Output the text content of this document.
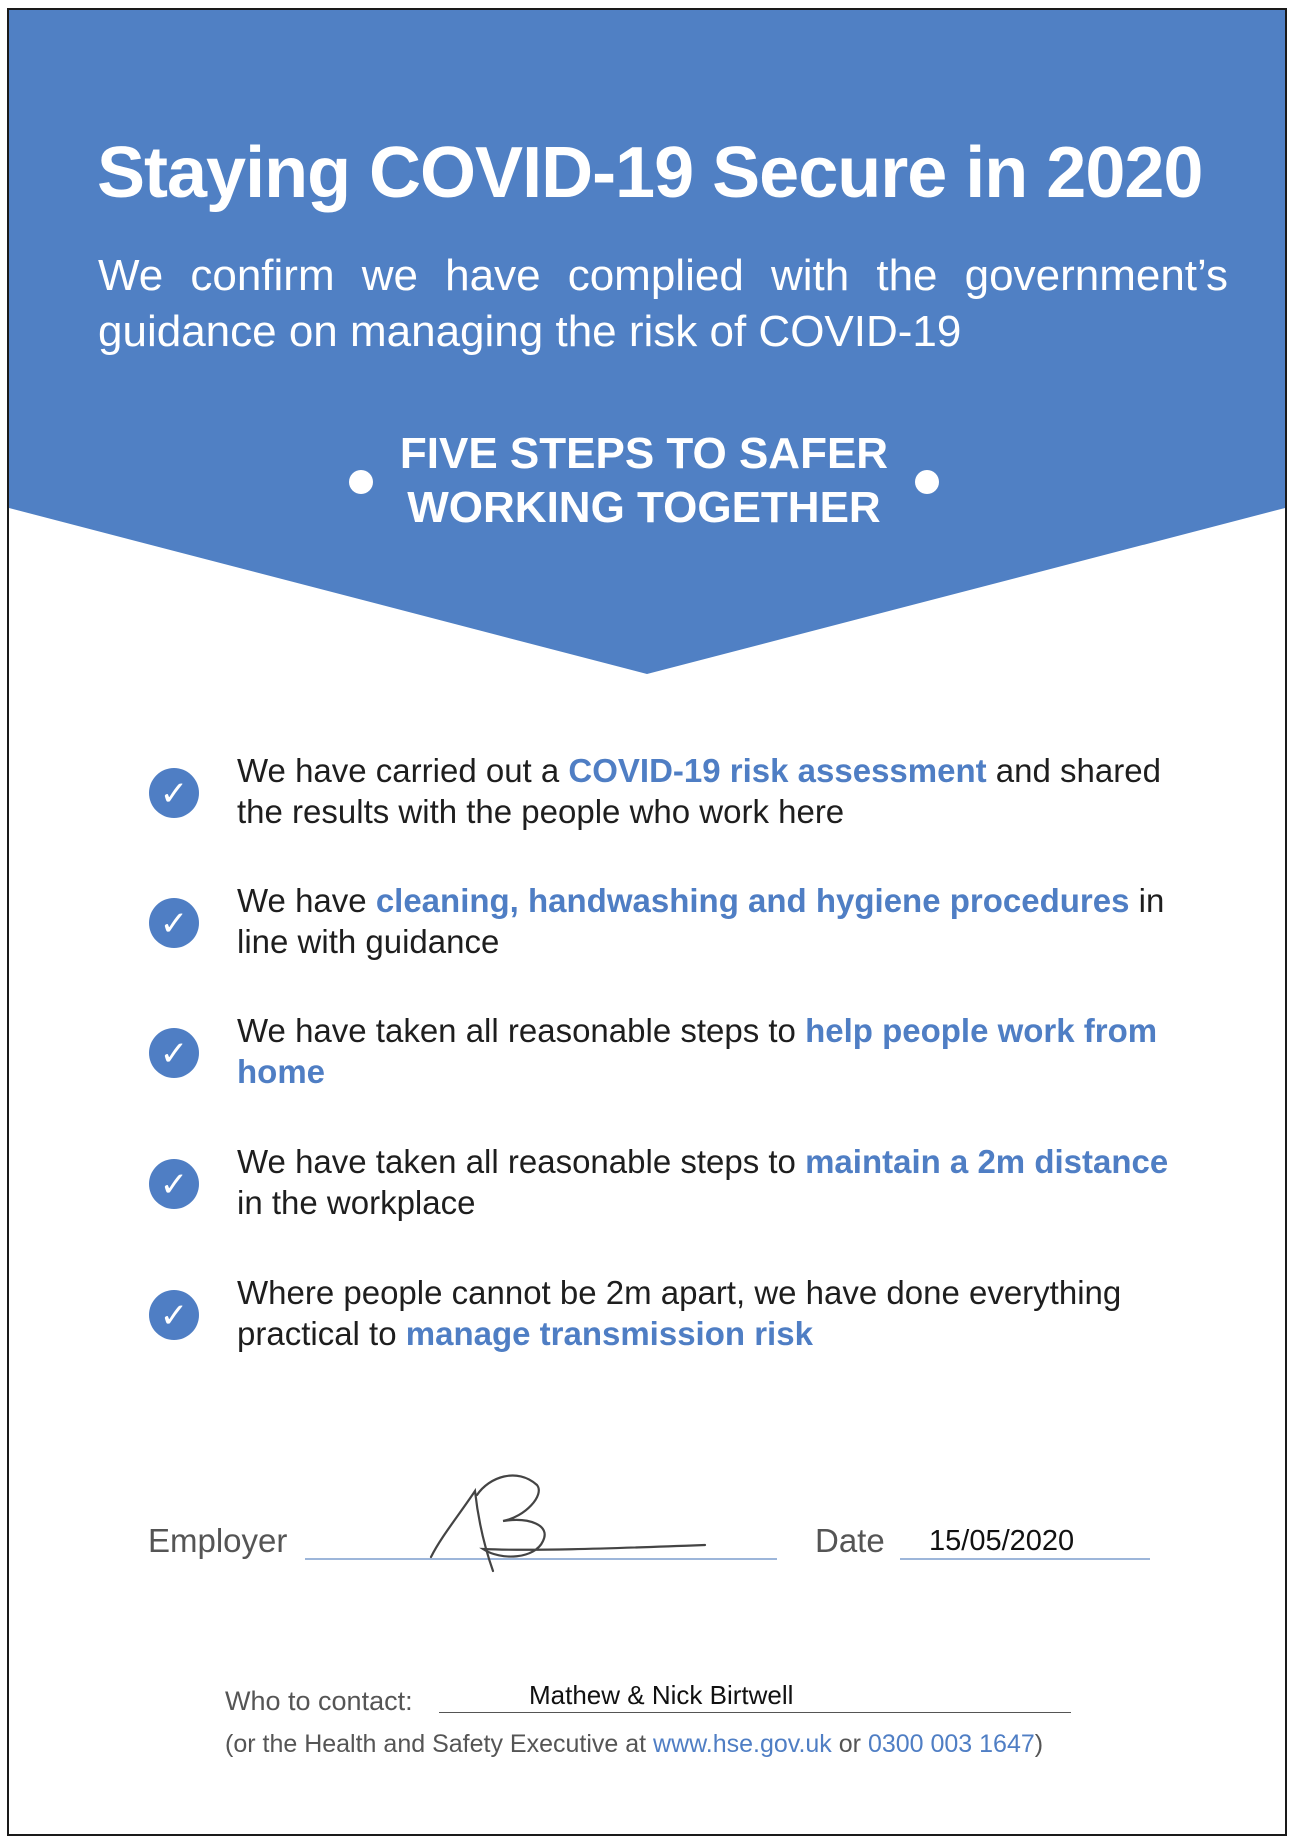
Staying COVID-19 Secure in 2020

We confirm we have complied with the government’s guidance on managing the risk of COVID-19

FIVE STEPS TO SAFER WORKING TOGETHER
✓

We have carried out a COVID-19 risk assessment and shared the results with the people who work here

✓

We have cleaning, handwashing and hygiene procedures in line with guidance

✓

We have taken all reasonable steps to help people work from home

✓

We have taken all reasonable steps to maintain a 2m distance in the workplace

✓

Where people cannot be 2m apart, we have done everything practical to manage transmission risk

Employer	Date 15/05/2020
Who to contact:	Mathew & Nick Birtwell

(or the Health and Safety Executive at www.hse.gov.uk or 0300 003 1647)
